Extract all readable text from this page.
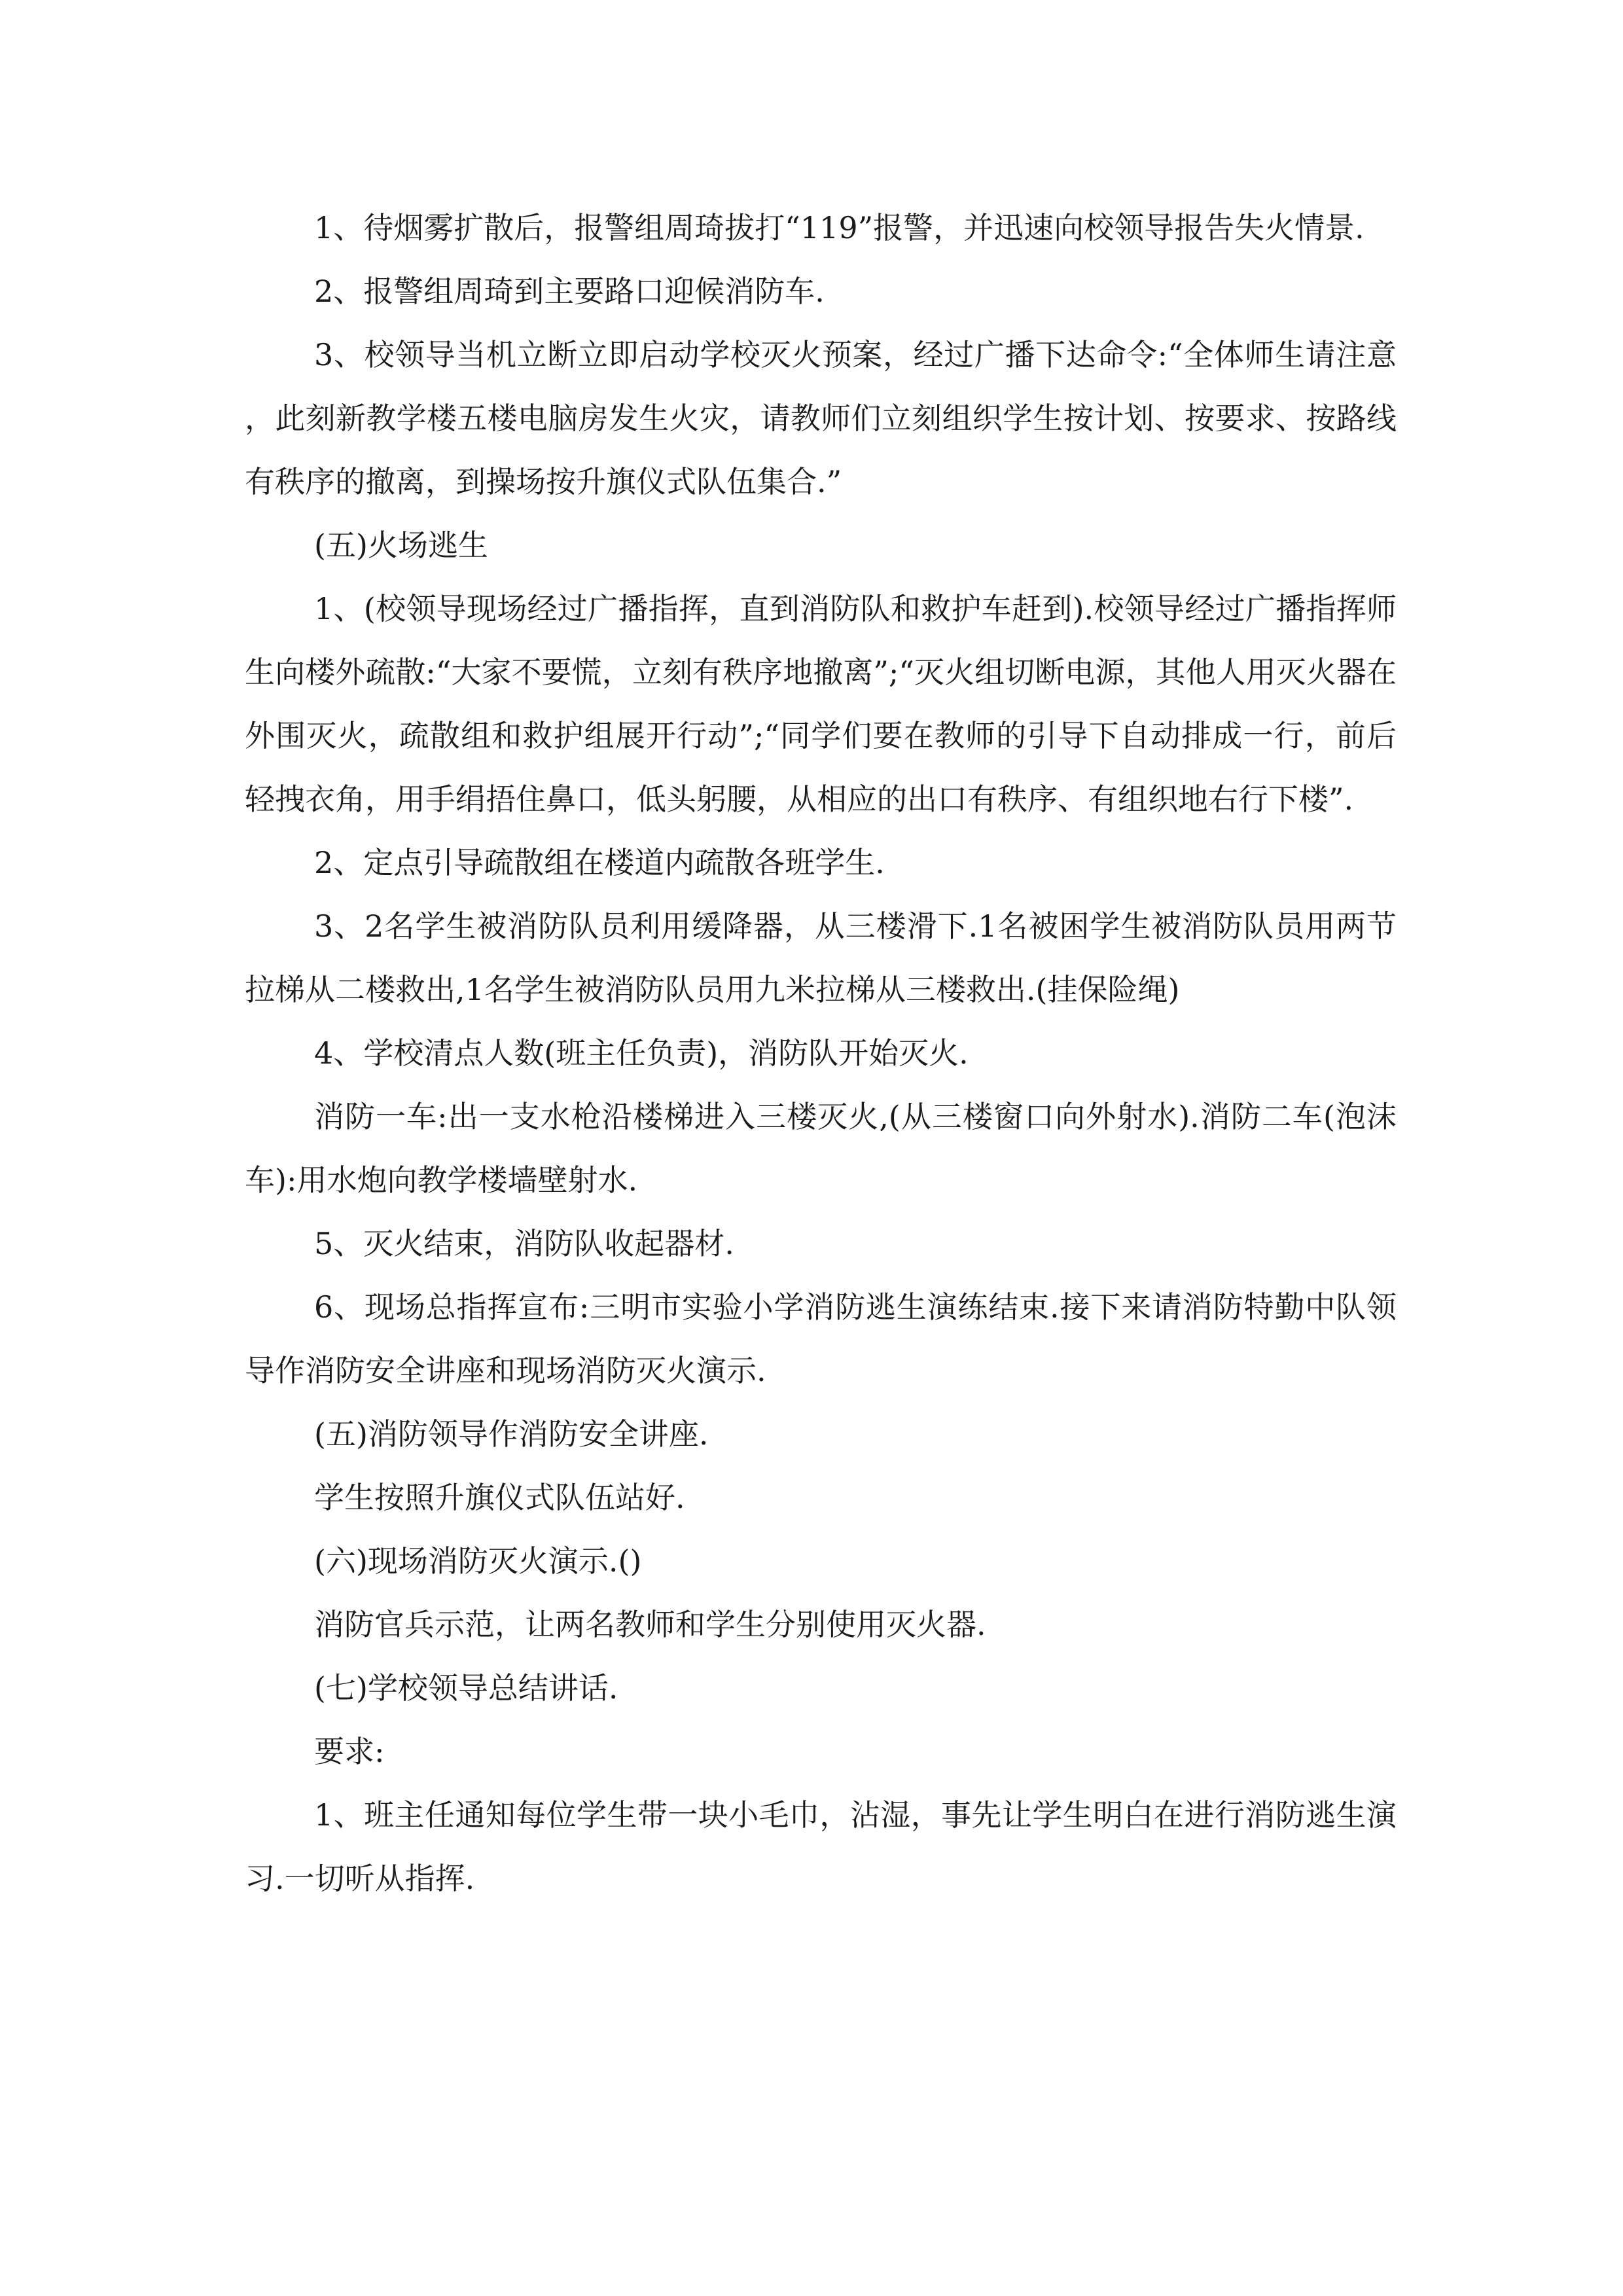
1、待烟雾扩散后，报警组周琦拔打“119”报警，并迅速向校领导报告失火情景.

2、报警组周琦到主要路口迎候消防车.

3、校领导当机立断立即启动学校灭火预案，经过广播下达命令:“全体师生请注意，此刻新教学楼五楼电脑房发生火灾，请教师们立刻组织学生按计划、按要求、按路线有秩序的撤离，到操场按升旗仪式队伍集合.”

(五)火场逃生

1、(校领导现场经过广播指挥，直到消防队和救护车赶到).校领导经过广播指挥师生向楼外疏散:“大家不要慌，立刻有秩序地撤离”;“灭火组切断电源，其他人用灭火器在外围灭火，疏散组和救护组展开行动”;“同学们要在教师的引导下自动排成一行，前后轻拽衣角，用手绢捂住鼻口，低头躬腰，从相应的出口有秩序、有组织地右行下楼”.

2、定点引导疏散组在楼道内疏散各班学生.

3、2名学生被消防队员利用缓降器，从三楼滑下.1名被困学生被消防队员用两节拉梯从二楼救出,1名学生被消防队员用九米拉梯从三楼救出.(挂保险绳)

4、学校清点人数(班主任负责)，消防队开始灭火.

消防一车:出一支水枪沿楼梯进入三楼灭火,(从三楼窗口向外射水).消防二车(泡沫车):用水炮向教学楼墙壁射水.

5、灭火结束，消防队收起器材.

6、现场总指挥宣布:三明市实验小学消防逃生演练结束.接下来请消防特勤中队领导作消防安全讲座和现场消防灭火演示.

(五)消防领导作消防安全讲座.

学生按照升旗仪式队伍站好.

(六)现场消防灭火演示.()

消防官兵示范，让两名教师和学生分别使用灭火器.

(七)学校领导总结讲话.

要求:

1、班主任通知每位学生带一块小毛巾，沾湿，事先让学生明白在进行消防逃生演习.一切听从指挥.
